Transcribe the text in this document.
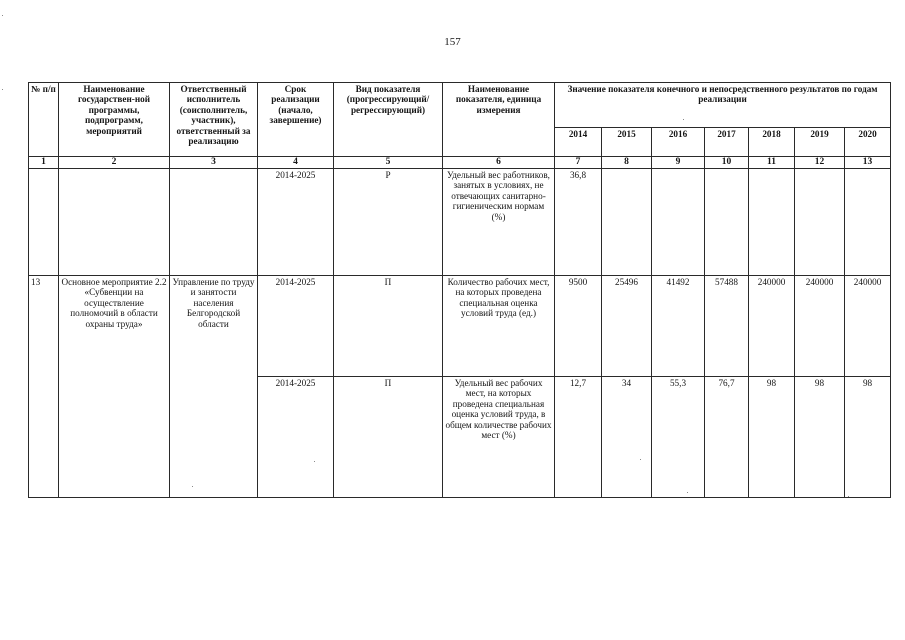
157
№ п/п	Наименование государствен-ной программы, подпрограмм, мероприятий	Ответственный исполнитель (соисполнитель, участник), ответственный за реализацию	Срок реализации (начало, завершение)	Вид показателя (прогрессирующий/ регрессирующий)	Наименование показателя, единица измерения	Значение показателя конечного и непосредственного результатов по годам реализации						
						2014	2015	2016	2017	2018	2019	2020
1	2	3	4	5	6	7	8	9	10	11	12	13
			2014-2025	Р	Удельный вес работников, занятых в условиях, не отвечающих санитарно-гигиеническим нормам (%)	36,8						
13	Основное мероприятие 2.2 «Субвенции на осуществление полномочий в области охраны труда»	Управление по труду и занятости населения Белгородской области	2014-2025	П	Количество рабочих мест, на которых проведена специальная оценка условий труда (ед.)	9500	25496	41492	57488	240000	240000	240000
			2014-2025	П	Удельный вес рабочих мест, на которых проведена специальная оценка условий труда, в общем количестве рабочих мест (%)	12,7	34	55,3	76,7	98	98	98
